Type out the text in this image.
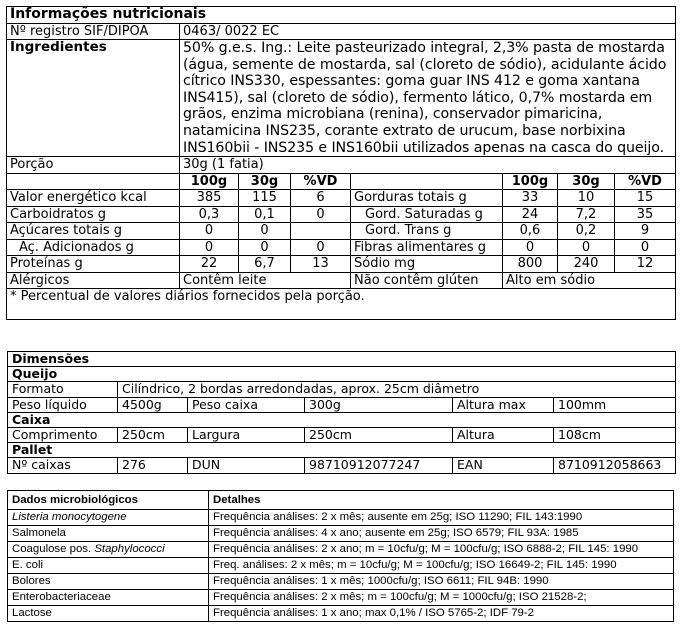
Informações nutricionais							
Nº registro SIF/DIPOA	0463/ 0022 EC						
Ingredientes	50% g.e.s. Ing.: Leite pasteurizado integral, 2,3% pasta de mostarda (água, semente de mostarda, sal (cloreto de sódio), acidulante ácido cítrico INS330, espessantes: goma guar INS 412 e goma xantana INS415), sal (cloreto de sódio), fermento lático, 0,7% mostarda em grãos, enzima microbiana (renina), conservador pimaricina, natamicina INS235, corante extrato de urucum, base norbixina INS160bii - INS235 e INS160bii utilizados apenas na casca do queijo.						
Porção	30g (1 fatia)						
	100g	30g	%VD		100g	30g	%VD
Valor energético kcal	385	115	6	Gorduras totais g	33	10	15
Carboidratos g	0,3	0,1	0	Gord. Saturadas g	24	7,2	35
Açúcares totais g	0	0		Gord. Trans g	0,6	0,2	9
Aç. Adicionados g	0	0	0	Fibras alimentares g	0	0	0
Proteínas g	22	6,7	13	Sódio mg	800	240	12
Alérgicos	Contêm leite			Não contêm glúten	Alto em sódio		
* Percentual de valores diários fornecidos pela porção.							
Dimensões					
Queijo					
Formato	Cilíndrico, 2 bordas arredondadas, aprox. 25cm diâmetro				
Peso líquido	4500g	Peso caixa	300g	Altura max	100mm
Caixa					
Comprimento	250cm	Largura	250cm	Altura	108cm
Pallet					
Nº caixas	276	DUN	98710912077247	EAN	8710912058663
Dados microbiológicos	Detalhes
Listeria monocytogene	Frequência análises: 2 x mês; ausente em 25g; ISO 11290; FIL 143:1990
Salmonela	Frequência análises: 4 x ano; ausente em 25g; ISO 6579; FIL 93A: 1985
Coagulose pos. Staphylococci	Frequência análises: 2 x ano; m = 10cfu/g; M = 100cfu/g; ISO 6888-2; FIL 145: 1990
E. coli	Freq. análises: 2 x mês; m = 10cfu/g; M = 100cfu/g; ISO 16649-2; FIL 145: 1990
Bolores	Frequência análises: 1 x mês; 1000cfu/g; ISO 6611; FIL 94B: 1990
Enterobacteriaceae	Frequência análises: 2 x mês; m = 100cfu/g; M = 1000cfu/g; ISO 21528-2;
Lactose	Frequência análises: 1 x ano; max 0,1% / ISO 5765-2; IDF 79-2
